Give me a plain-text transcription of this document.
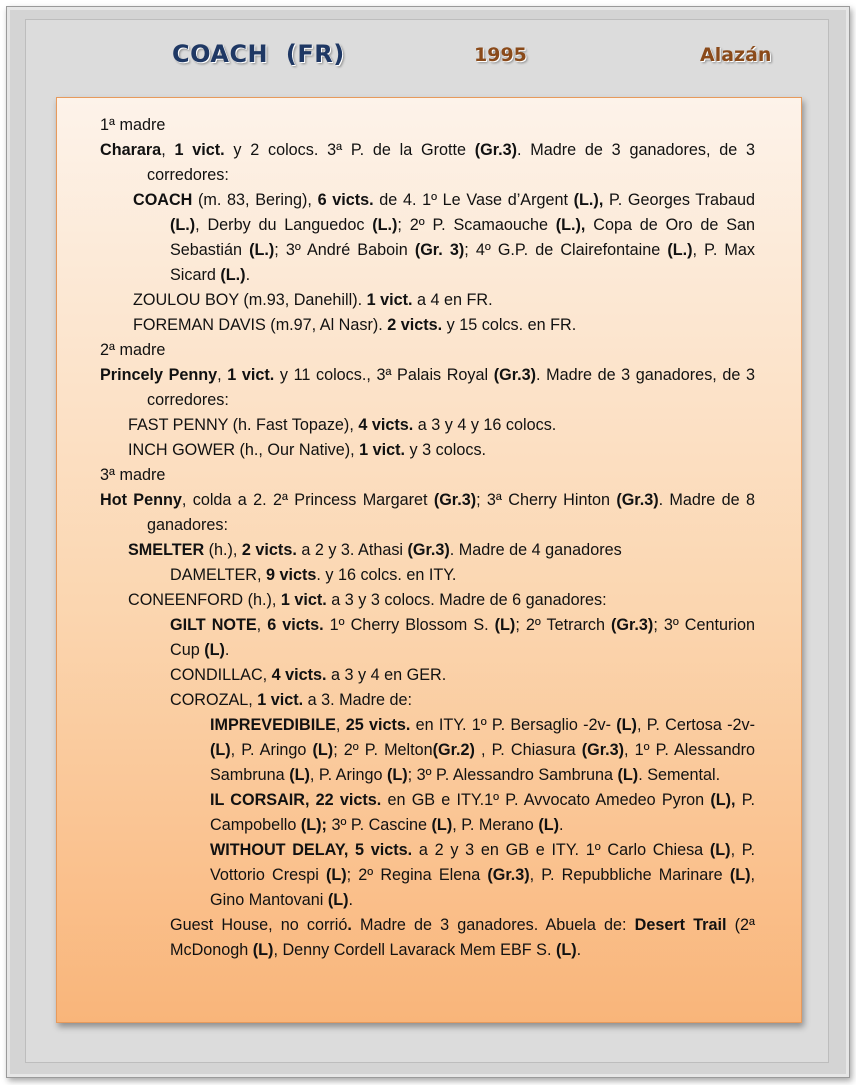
COACH  (FR)	1995	Alazán

1ª madre

Charara, 1 vict. y 2 colocs. 3ª P. de la Grotte (Gr.3). Madre de 3 ganadores, de 3 corredores:

COACH (m. 83, Bering), 6 victs. de 4. 1º Le Vase d’Argent (L.), P. Georges Trabaud (L.), Derby du Languedoc (L.); 2º P. Scamaouche (L.), Copa de Oro de San Sebastián (L.); 3º André Baboin (Gr. 3); 4º G.P. de Clairefontaine (L.), P. Max Sicard (L.).

ZOULOU BOY (m.93, Danehill). 1 vict. a 4 en FR.

FOREMAN DAVIS (m.97, Al Nasr). 2 victs. y 15 colcs. en FR.

2ª madre

Princely Penny, 1 vict. y 11 colocs., 3ª Palais Royal (Gr.3). Madre de 3 ganadores, de 3 corredores:

FAST PENNY (h. Fast Topaze), 4 victs. a 3 y 4 y 16 colocs.

INCH GOWER (h., Our Native), 1 vict. y 3 colocs.

3ª madre

Hot Penny, colda a 2. 2ª Princess Margaret (Gr.3); 3ª Cherry Hinton (Gr.3). Madre de 8 ganadores:

SMELTER (h.), 2 victs. a 2 y 3. Athasi (Gr.3). Madre de 4 ganadores

DAMELTER, 9 victs. y 16 colcs. en ITY.

CONEENFORD (h.), 1 vict. a 3 y 3 colocs. Madre de 6 ganadores:

GILT NOTE, 6 victs. 1º Cherry Blossom S. (L); 2º Tetrarch (Gr.3); 3º Centurion Cup (L).

CONDILLAC, 4 victs. a 3 y 4 en GER.

COROZAL, 1 vict. a 3. Madre de:

IMPREVEDIBILE, 25 victs. en ITY. 1º P. Bersaglio -2v- (L), P. Certosa -2v- (L), P. Aringo (L); 2º P. Melton(Gr.2) , P. Chiasura (Gr.3), 1º P. Alessandro Sambruna (L), P. Aringo (L); 3º P. Alessandro Sambruna (L). Semental.

IL CORSAIR, 22 victs. en GB e ITY.1º P. Avvocato Amedeo Pyron (L), P. Campobello (L); 3º P. Cascine (L), P. Merano (L).

WITHOUT DELAY, 5 victs. a 2 y 3 en GB e ITY. 1º Carlo Chiesa (L), P. Vottorio Crespi (L); 2º Regina Elena (Gr.3), P. Repubbliche Marinare (L), Gino Mantovani (L).

Guest House, no corrió. Madre de 3 ganadores. Abuela de: Desert Trail (2ª McDonogh (L), Denny Cordell Lavarack Mem EBF S. (L).
